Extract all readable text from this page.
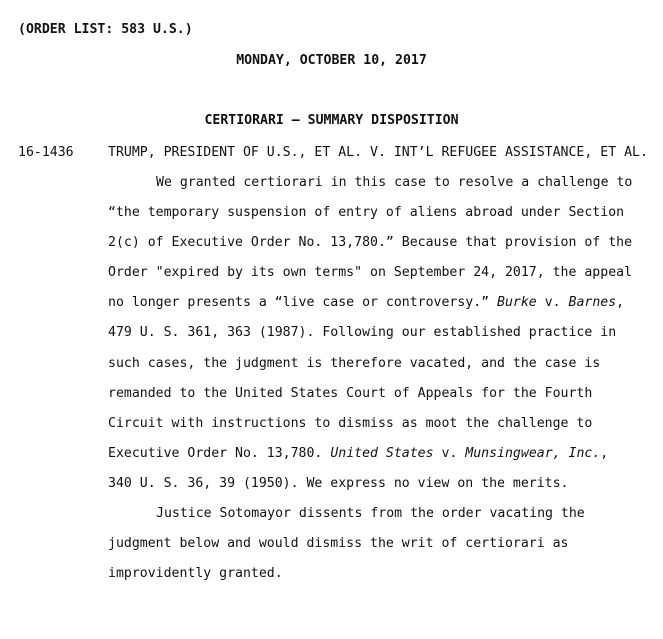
(ORDER LIST: 583 U.S.)
MONDAY, OCTOBER 10, 2017
CERTIORARI – SUMMARY DISPOSITION
16-1436	TRUMP, PRESIDENT OF U.S., ET AL. V. INT’L REFUGEE ASSISTANCE, ET AL.
We granted certiorari in this case to resolve a challenge to
“the temporary suspension of entry of aliens abroad under Section
2(c) of Executive Order No. 13,780.” Because that provision of the
Order "expired by its own terms" on September 24, 2017, the appeal
no longer presents a “live case or controversy.” Burke v. Barnes,
479 U. S. 361, 363 (1987). Following our established practice in
such cases, the judgment is therefore vacated, and the case is
remanded to the United States Court of Appeals for the Fourth
Circuit with instructions to dismiss as moot the challenge to
Executive Order No. 13,780. United States v. Munsingwear, Inc.,
340 U. S. 36, 39 (1950). We express no view on the merits.
Justice Sotomayor dissents from the order vacating the
judgment below and would dismiss the writ of certiorari as
improvidently granted.
